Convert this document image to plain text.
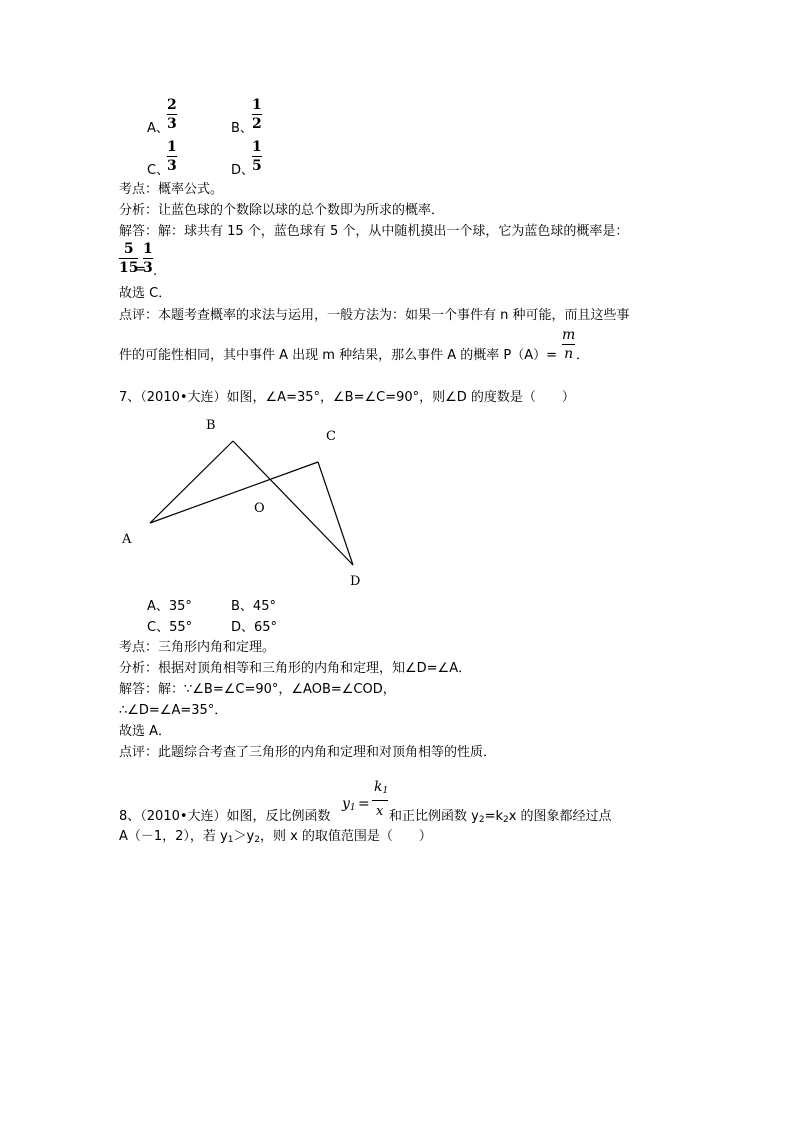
A、
2
3	B、
1
2
C、
1
3	D、
1
5
考点：概率公式。
分析：让蓝色球的个数除以球的总个数即为所求的概率．
解答：解：球共有 15 个，蓝色球有 5 个，从中随机摸出一个球，它为蓝色球的概率是：
5
15
=
1
3 .
故选 C．
点评：本题考查概率的求法与运用，一般方法为：如果一个事件有 n 种可能，而且这些事
件的可能性相同，其中事件 A 出现 m 种结果，那么事件 A 的概率 P（A）=
m
n ．
7、（2010•大连）如图，∠A=35°，∠B=∠C=90°，则∠D 的度数是（　　）
B
C
O
A
D
A、35°	B、45°
C、55°	D、65°
考点：三角形内角和定理。
分析：根据对顶角相等和三角形的内角和定理，知∠D=∠A．
解答：解：∵∠B=∠C=90°，∠AOB=∠COD，
∴∠D=∠A=35°．
故选 A．
点评：此题综合考查了三角形的内角和定理和对顶角相等的性质．
8、（2010•大连）如图，反比例函数
$y_1$ =
$k_1$
x 和正比例函数 $y_2=k_2x$ 的图象都经过点
A（－1，2），若 $y_1>y_2$，则 x 的取值范围是（　　）
